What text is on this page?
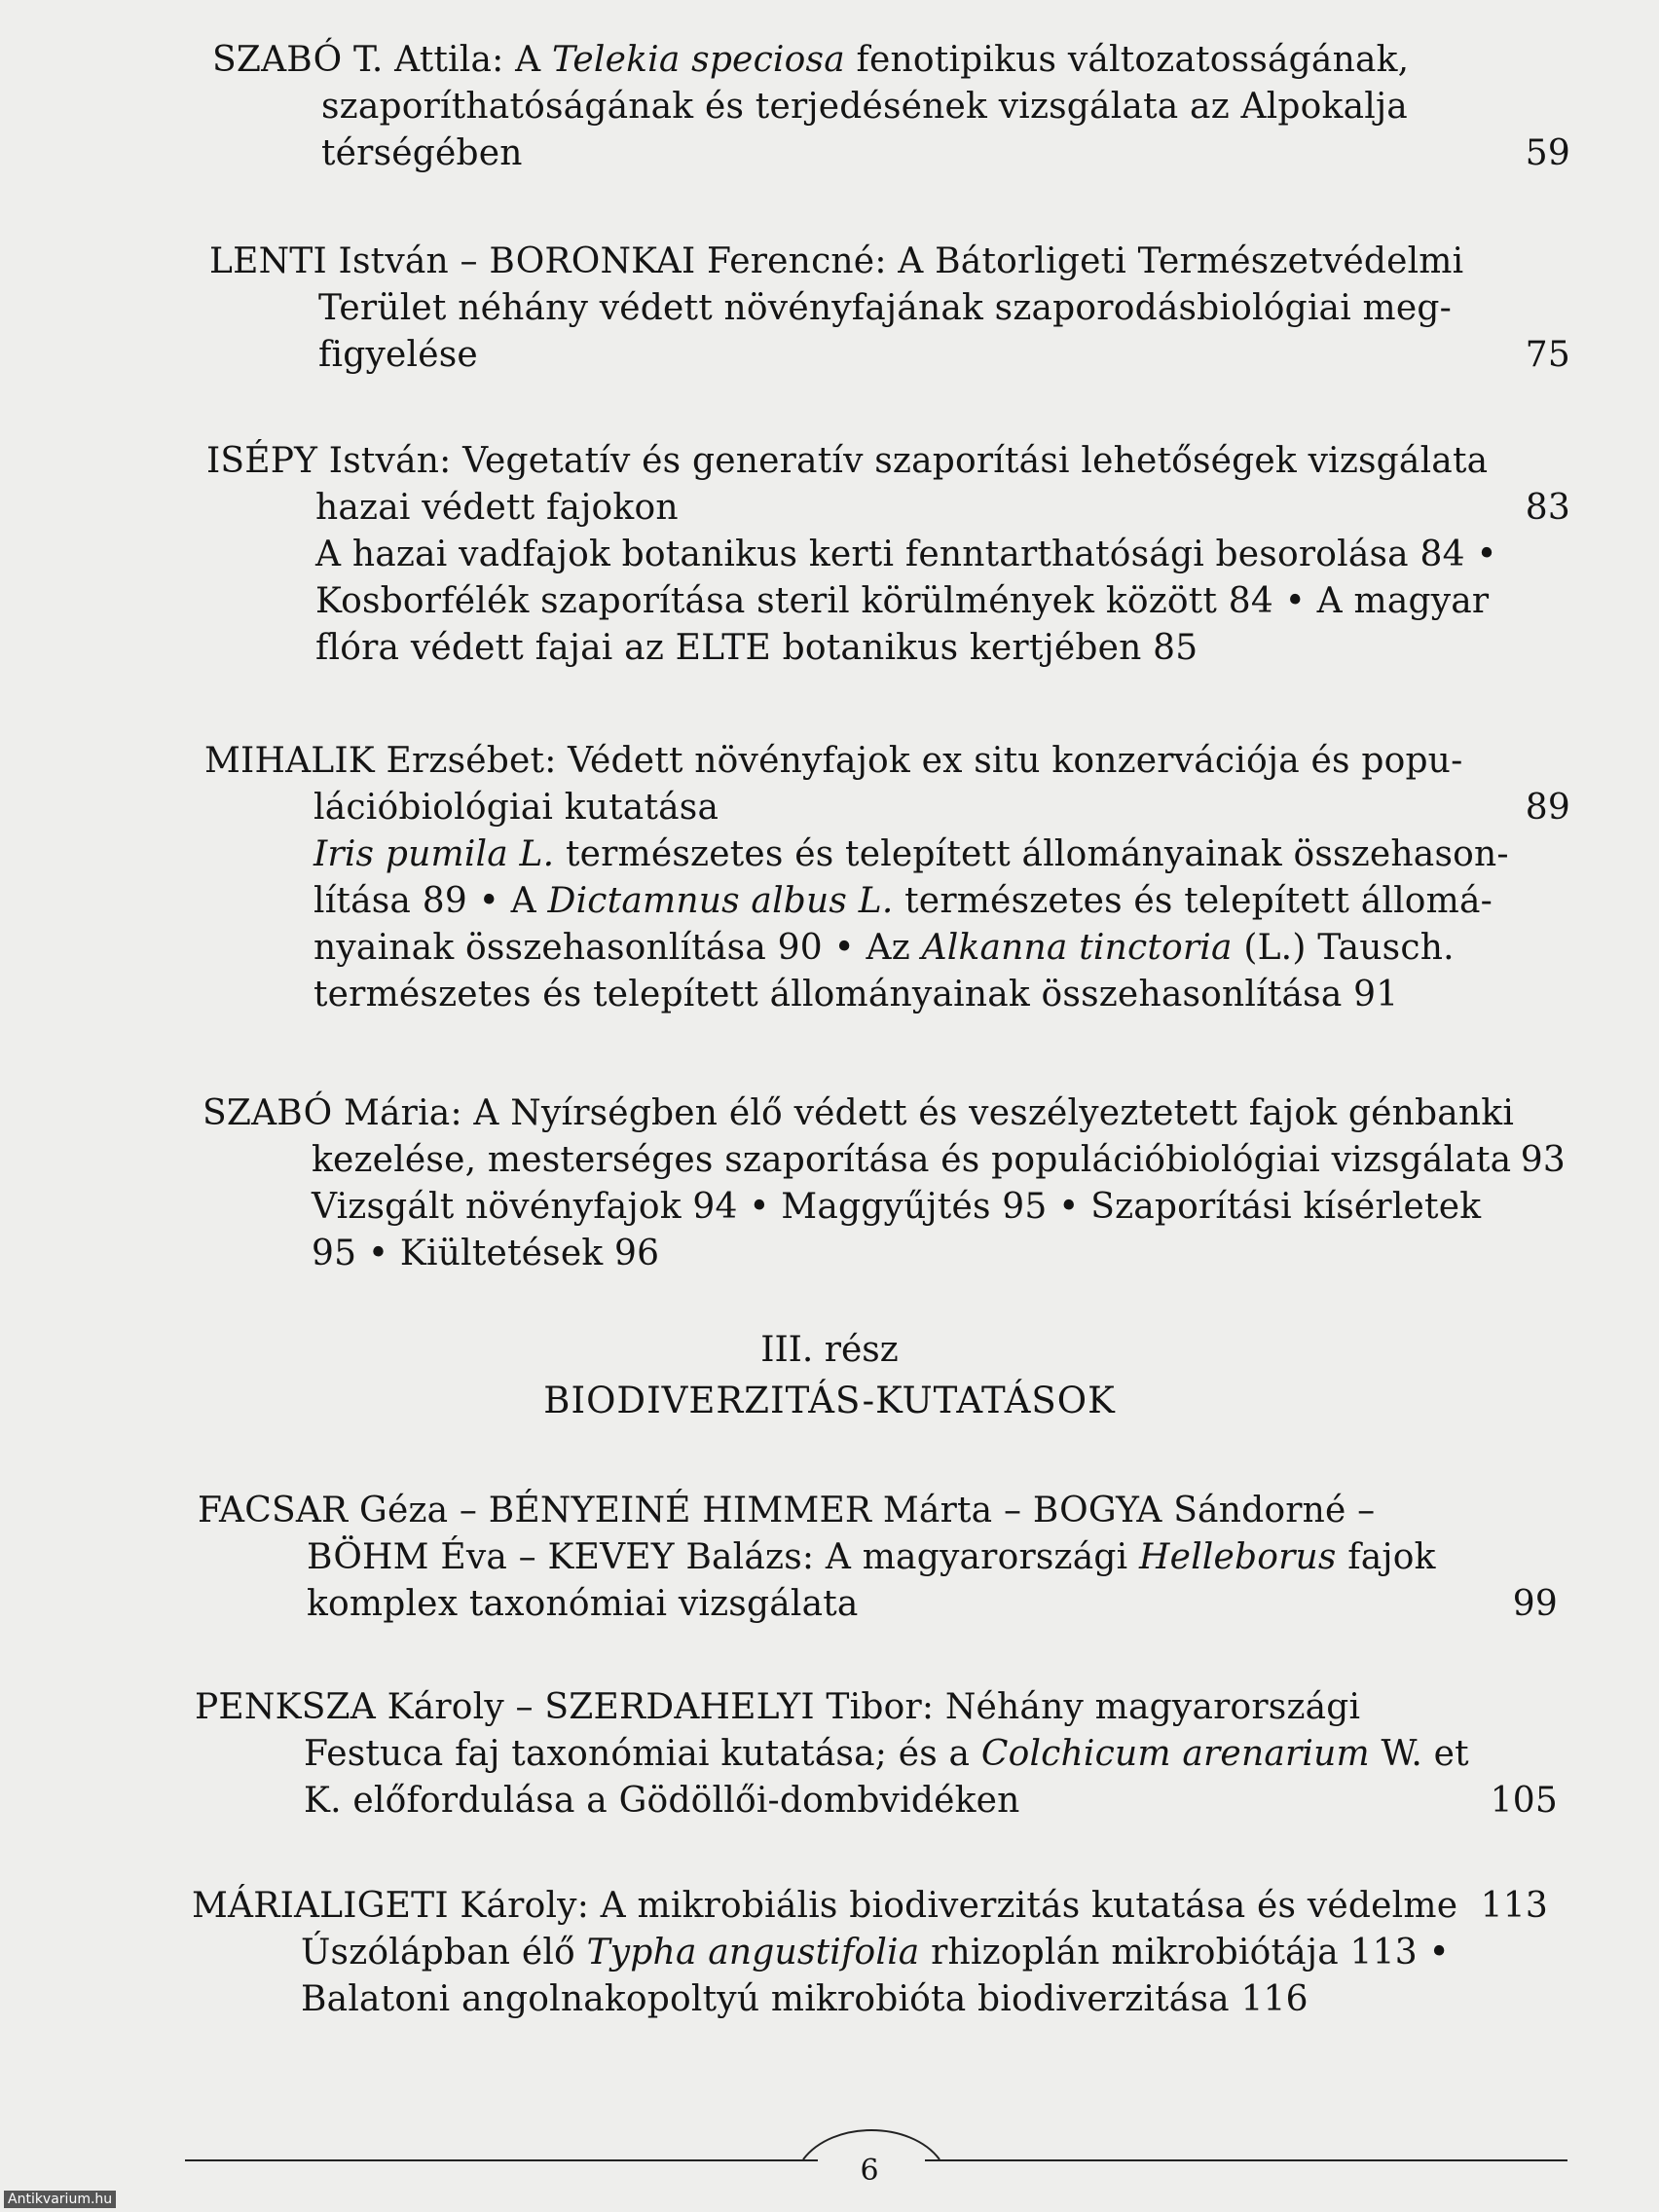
SZABÓ T. Attila: A Telekia speciosa fenotipikus változatosságának,
szaporíthatóságának és terjedésének vizsgálata az Alpokalja
térségében	59
LENTI István – BORONKAI Ferencné: A Bátorligeti Természetvédelmi
Terület néhány védett növényfajának szaporodásbiológiai meg-
figyelése	75
ISÉPY István: Vegetatív és generatív szaporítási lehetőségek vizsgálata
hazai védett fajokon	83
A hazai vadfajok botanikus kerti fenntarthatósági besorolása 84 •
Kosborfélék szaporítása steril körülmények között 84 • A magyar
flóra védett fajai az ELTE botanikus kertjében 85
MIHALIK Erzsébet: Védett növényfajok ex situ konzervációja és popu-
lációbiológiai kutatása	89
Iris pumila L. természetes és telepített állományainak összehason-
lítása 89 • A Dictamnus albus L. természetes és telepített állomá-
nyainak összehasonlítása 90 • Az Alkanna tinctoria (L.) Tausch.
természetes és telepített állományainak összehasonlítása 91
SZABÓ Mária: A Nyírségben élő védett és veszélyeztetett fajok génbanki
kezelése, mesterséges szaporítása és populációbiológiai vizsgálata 93
Vizsgált növényfajok 94 • Maggyűjtés 95 • Szaporítási kísérletek
95 • Kiültetések 96
III. rész
BIODIVERZITÁS-KUTATÁSOK
FACSAR Géza – BÉNYEINÉ HIMMER Márta – BOGYA Sándorné –
BÖHM Éva – KEVEY Balázs: A magyarországi Helleborus fajok
komplex taxonómiai vizsgálata	99
PENKSZA Károly – SZERDAHELYI Tibor: Néhány magyarországi
Festuca faj taxonómiai kutatása; és a Colchicum arenarium W. et
K. előfordulása a Gödöllői-dombvidéken	105
MÁRIALIGETI Károly: A mikrobiális biodiverzitás kutatása és védelme 113
Úszólápban élő Typha angustifolia rhizoplán mikrobiótája 113 •
Balatoni angolnakopoltyú mikrobióta biodiverzitása 116
6
Antikvarium.hu
